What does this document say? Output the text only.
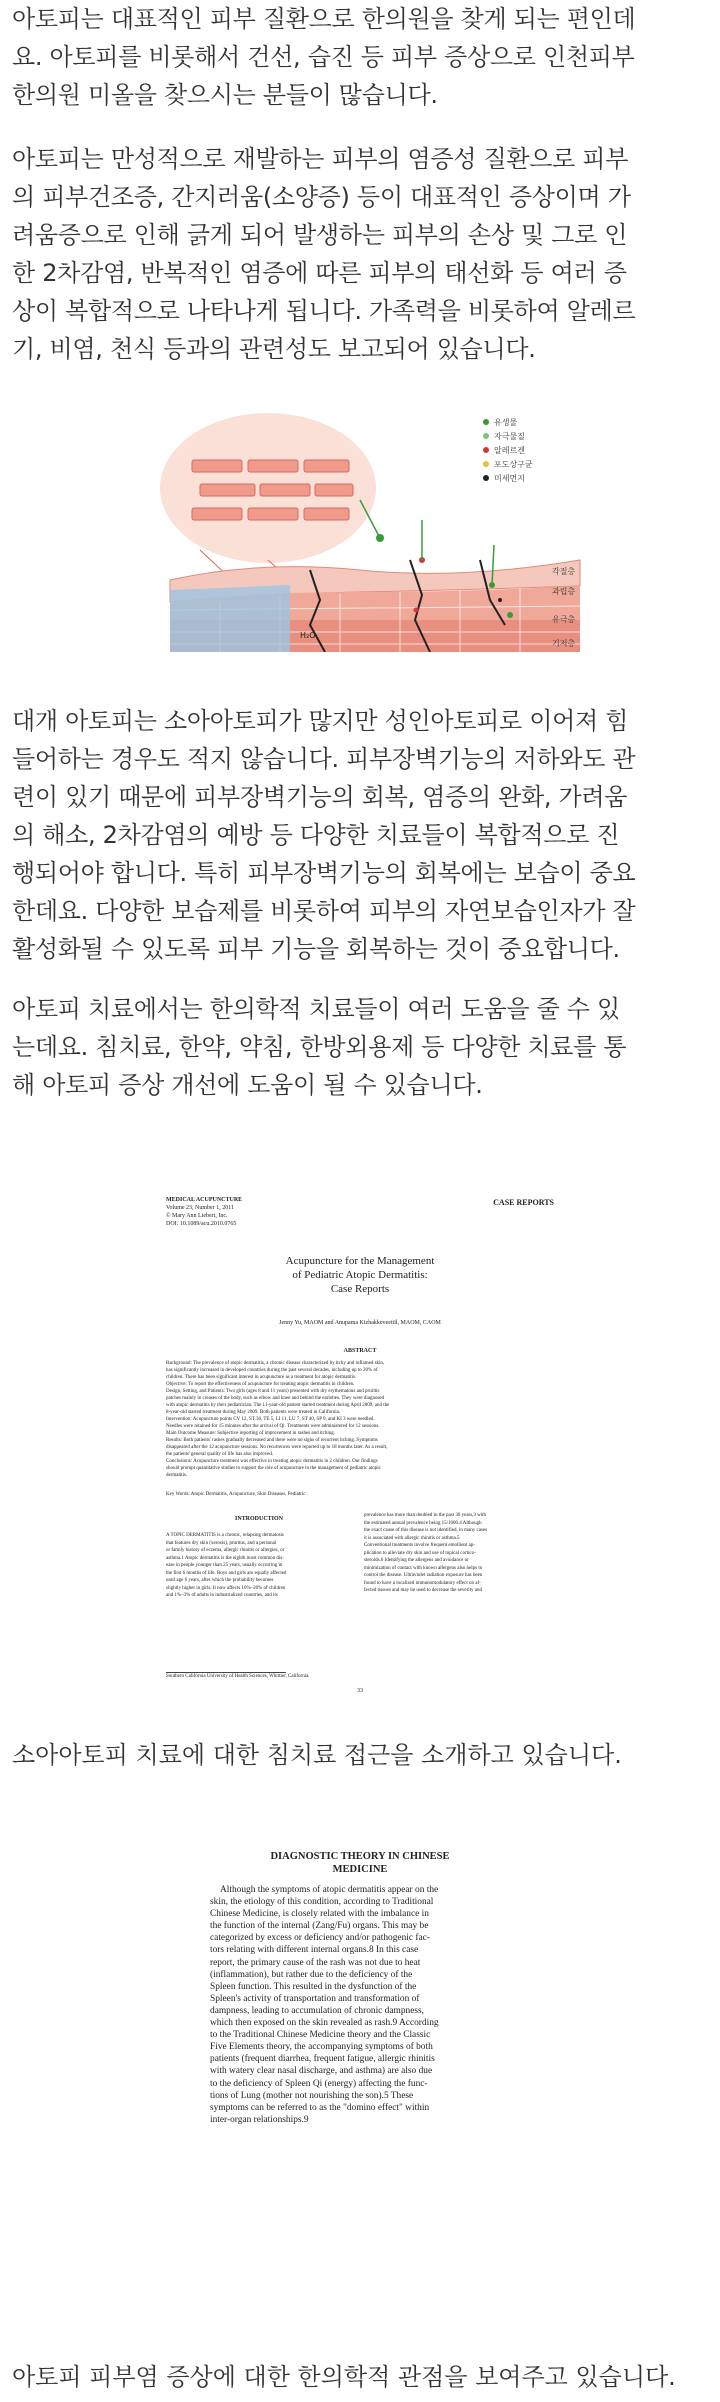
아토피는 대표적인 피부 질환으로 한의원을 찾게 되는 편인데
요. 아토피를 비롯해서 건선, 습진 등 피부 증상으로 인천피부
한의원 미올을 찾으시는 분들이 많습니다.
아토피는 만성적으로 재발하는 피부의 염증성 질환으로 피부
의 피부건조증, 간지러움(소양증) 등이 대표적인 증상이며 가
려움증으로 인해 긁게 되어 발생하는 피부의 손상 및 그로 인
한 2차감염, 반복적인 염증에 따른 피부의 태선화 등 여러 증
상이 복합적으로 나타나게 됩니다. 가족력을 비롯하여 알레르
기, 비염, 천식 등과의 관련성도 보고되어 있습니다.
H₂O
유생물
자극물질
알레르겐
포도상구균
미세먼지
각질층
과립층
유극층
기저층
대개 아토피는 소아아토피가 많지만 성인아토피로 이어져 힘
들어하는 경우도 적지 않습니다. 피부장벽기능의 저하와도 관
련이 있기 때문에 피부장벽기능의 회복, 염증의 완화, 가려움
의 해소, 2차감염의 예방 등 다양한 치료들이 복합적으로 진
행되어야 합니다. 특히 피부장벽기능의 회복에는 보습이 중요
한데요. 다양한 보습제를 비롯하여 피부의 자연보습인자가 잘
활성화될 수 있도록 피부 기능을 회복하는 것이 중요합니다.
아토피 치료에서는 한의학적 치료들이 여러 도움을 줄 수 있
는데요. 침치료, 한약, 약침, 한방외용제 등 다양한 치료를 통
해 아토피 증상 개선에 도움이 될 수 있습니다.
MEDICAL ACUPUNCTURE
Volume 23, Number 1, 2011
© Mary Ann Liebert, Inc.
DOI: 10.1089/acu.2010.0765
CASE REPORTS
Acupuncture for the Management
of Pediatric Atopic Dermatitis:
Case Reports
Jenny Yu, MAOM and Anupama Kizhakkeveettil, MAOM, CAOM
ABSTRACT
Background: The prevalence of atopic dermatitis, a chronic disease characterized by itchy and inflamed skin,
has significantly increased in developed countries during the past several decades, including up to 20% of
children. There has been significant interest in acupuncture as a treatment for atopic dermatitis.
Objective: To report the effectiveness of acupuncture for treating atopic dermatitis in children.
Design, Setting, and Patients: Two girls (ages 8 and 11 years) presented with dry erythematous and pruritic
patches mainly in creases of the body, such as elbow and knee and behind the earlobes. They were diagnosed
with atopic dermatitis by their pediatrician. The 11-year-old patient started treatment during April 2009, and the
8-year-old started treatment during May 2009. Both patients were treated in California.
Intervention: Acupuncture points CV 12, ST 36, TE 5, LI 11, LU 7, ST 40, SP 9, and KI 3 were needled.
Needles were retained for 15 minutes after the arrival of Qi. Treatments were administered for 12 sessions.
Main Outcome Measure: Subjective reporting of improvement in rashes and itching.
Results: Both patients' rashes gradually decreased and there were no signs of recurrent itching. Symptoms
disappeared after the 12 acupuncture sessions. No recurrences were reported up to 18 months later. As a result,
the patients' general quality of life has also improved.
Conclusions: Acupuncture treatment was effective in treating atopic dermatitis in 2 children. Our findings
should prompt quantitative studies to support the role of acupuncture in the management of pediatric atopic
dermatitis.
Key Words: Atopic Dermatitis, Acupuncture, Skin Diseases, Pediatric
INTRODUCTION
A TOPIC DERMATITIS is a chronic, relapsing dermatosis
that features dry skin (xerosis), pruritus, and a personal
or family history of eczema, allergic rhinitis or allergies, or
asthma.1 Atopic dermatitis is the eighth most common dis-
ease in people younger than 25 years, usually occurring in
the first 6 months of life. Boys and girls are equally affected
until age 6 years, after which the probability becomes
slightly higher in girls. It now affects 10%–20% of children
and 1%–3% of adults in industrialized countries, and its
prevalence has more than doubled in the past 30 years,3 with
the estimated annual prevalence being 15/1000.4 Although
the exact cause of this disease is not identified, in many cases
it is associated with allergic rhinitis or asthma.5
Conventional treatments involve frequent emollient ap-
plication to alleviate dry skin and use of topical cortico-
steroids.6 Identifying the allergens and avoidance or
minimization of contact with known allergens also helps to
control the disease. Ultraviolet radiation exposure has been
found to have a localized immunomodulatory effect on af-
fected tissues and may be used to decrease the severity and
Southern California University of Health Sciences, Whittier, California.
33
소아아토피 치료에 대한 침치료 접근을 소개하고 있습니다.
DIAGNOSTIC THEORY IN CHINESE
MEDICINE
Although the symptoms of atopic dermatitis appear on the
skin, the etiology of this condition, according to Traditional
Chinese Medicine, is closely related with the imbalance in
the function of the internal (Zang/Fu) organs. This may be
categorized by excess or deficiency and/or pathogenic fac-
tors relating with different internal organs.8 In this case
report, the primary cause of the rash was not due to heat
(inflammation), but rather due to the deficiency of the
Spleen function. This resulted in the dysfunction of the
Spleen's activity of transportation and transformation of
dampness, leading to accumulation of chronic dampness,
which then exposed on the skin revealed as rash.9 According
to the Traditional Chinese Medicine theory and the Classic
Five Elements theory, the accompanying symptoms of both
patients (frequent diarrhea, frequent fatigue, allergic rhinitis
with watery clear nasal discharge, and asthma) are also due
to the deficiency of Spleen Qi (energy) affecting the func-
tions of Lung (mother not nourishing the son).5 These
symptoms can be referred to as the "domino effect" within
inter-organ relationships.9
아토피 피부염 증상에 대한 한의학적 관점을 보여주고 있습니다.
